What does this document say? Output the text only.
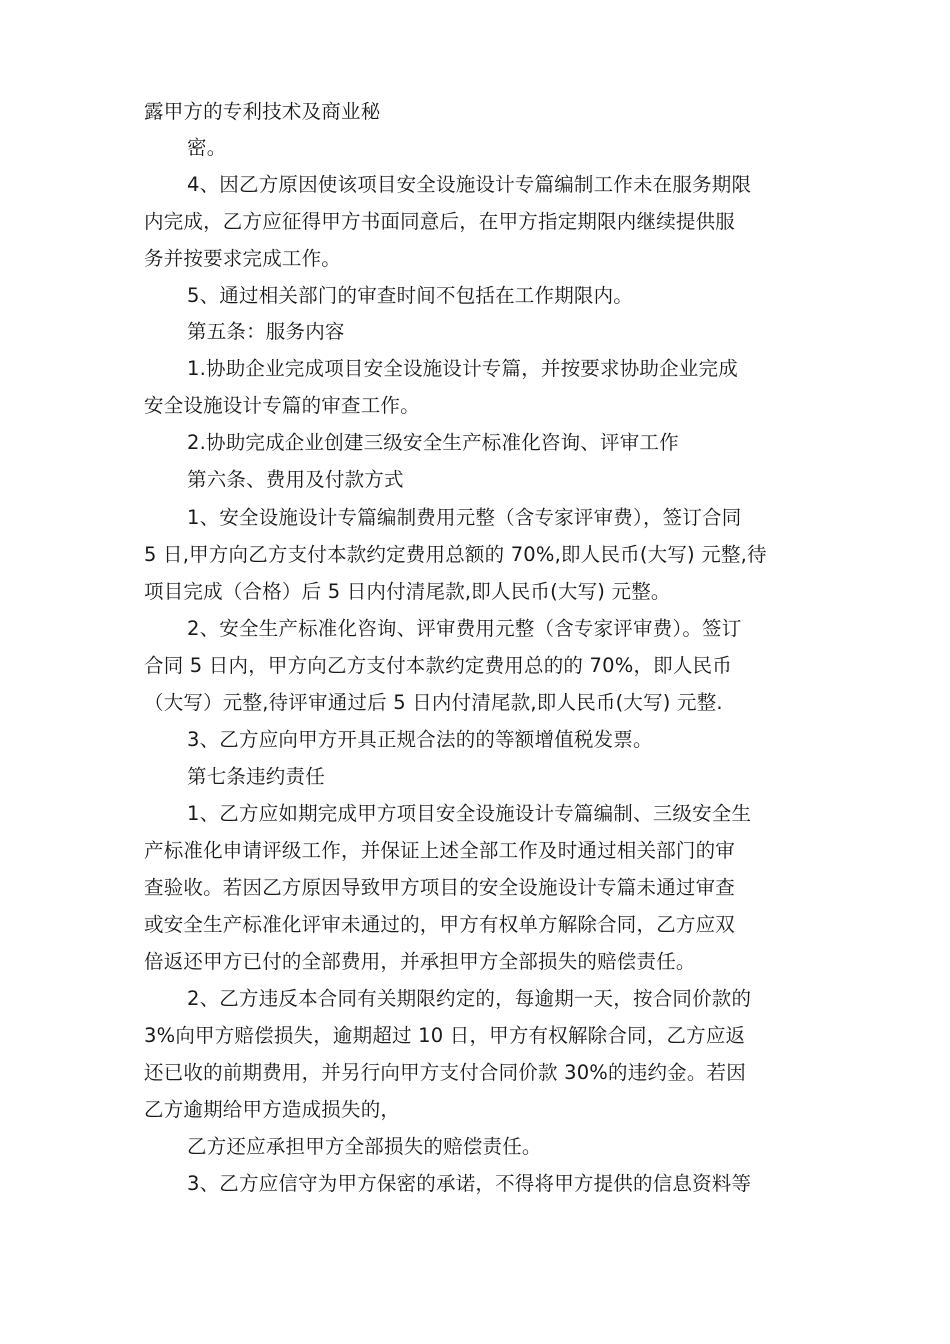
露甲方的专利技术及商业秘
密。
4、因乙方原因使该项目安全设施设计专篇编制工作未在服务期限
内完成，乙方应征得甲方书面同意后，在甲方指定期限内继续提供服
务并按要求完成工作。
5、通过相关部门的审查时间不包括在工作期限内。
第五条：服务内容
1.协助企业完成项目安全设施设计专篇，并按要求协助企业完成
安全设施设计专篇的审查工作。
2.协助完成企业创建三级安全生产标准化咨询、评审工作
第六条、费用及付款方式
1、安全设施设计专篇编制费用元整（含专家评审费），签订合同
5 日,甲方向乙方支付本款约定费用总额的 70%,即人民币(大写) 元整,待
项目完成（合格）后 5 日内付清尾款,即人民币(大写) 元整。
2、安全生产标准化咨询、评审费用元整（含专家评审费）。签订
合同 5 日内，甲方向乙方支付本款约定费用总的的 70%，即人民币
（大写）元整,待评审通过后 5 日内付清尾款,即人民币(大写) 元整.
3、乙方应向甲方开具正规合法的的等额增值税发票。
第七条违约责任
1、乙方应如期完成甲方项目安全设施设计专篇编制、三级安全生
产标准化申请评级工作，并保证上述全部工作及时通过相关部门的审
查验收。若因乙方原因导致甲方项目的安全设施设计专篇未通过审查
或安全生产标准化评审未通过的，甲方有权单方解除合同，乙方应双
倍返还甲方已付的全部费用，并承担甲方全部损失的赔偿责任。
2、乙方违反本合同有关期限约定的，每逾期一天，按合同价款的
3%向甲方赔偿损失，逾期超过 10 日，甲方有权解除合同，乙方应返
还已收的前期费用，并另行向甲方支付合同价款 30%的违约金。若因
乙方逾期给甲方造成损失的，
乙方还应承担甲方全部损失的赔偿责任。
3、乙方应信守为甲方保密的承诺，不得将甲方提供的信息资料等
